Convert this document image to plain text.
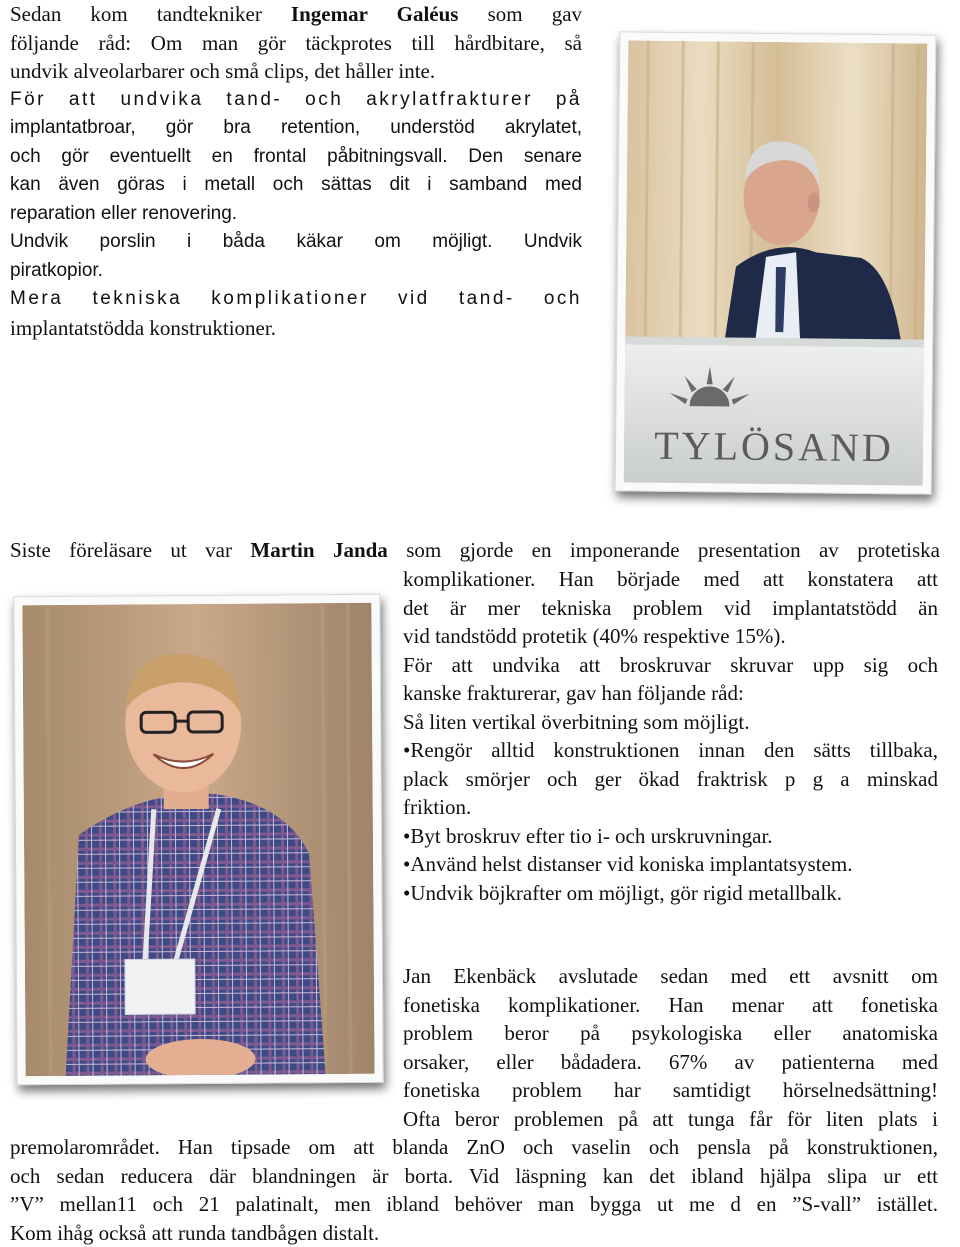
Sedan kom tandtekniker Ingemar Galéus som gav
följande råd: Om man gör täckprotes till hårdbitare, så
undvik alveolarbarer och små clips, det håller inte.
För att undvika tand- och akrylatfrakturer på
implantatbroar, gör bra retention, understöd akrylatet,
och gör eventuellt en frontal påbitningsvall. Den senare
kan även göras i metall och sättas dit i samband med
reparation eller renovering.
Undvik porslin i båda käkar om möjligt. Undvik
piratkopior.
Mera tekniska komplikationer vid tand- och
implantatstödda konstruktioner.
TYLÖSAND
Siste föreläsare ut var Martin Janda som gjorde en imponerande presentation av protetiska
komplikationer. Han började med att konstatera att
det är mer tekniska problem vid implantatstödd än
vid tandstödd protetik (40% respektive 15%).
För att undvika att broskruvar skruvar upp sig och
kanske frakturerar, gav han följande råd:
Så liten vertikal överbitning som möjligt.
•Rengör alltid konstruktionen innan den sätts tillbaka,
plack smörjer och ger ökad fraktrisk p g a minskad
friktion.
•Byt broskruv efter tio i- och urskruvningar.
•Använd helst distanser vid koniska implantatsystem.
•Undvik böjkrafter om möjligt, gör rigid metallbalk.
Jan Ekenbäck avslutade sedan med ett avsnitt om
fonetiska komplikationer. Han menar att fonetiska
problem beror på psykologiska eller anatomiska
orsaker, eller bådadera. 67% av patienterna med
fonetiska problem har samtidigt hörselnedsättning!
Ofta beror problemen på att tunga får för liten plats i
premolarområdet. Han tipsade om att blanda ZnO och vaselin och pensla på konstruktionen,
och sedan reducera där blandningen är borta. Vid läspning kan det ibland hjälpa slipa ur ett
”V” mellan11 och 21 palatinalt, men ibland behöver man bygga ut me d en ”S-vall” istället.
Kom ihåg också att runda tandbågen distalt.
